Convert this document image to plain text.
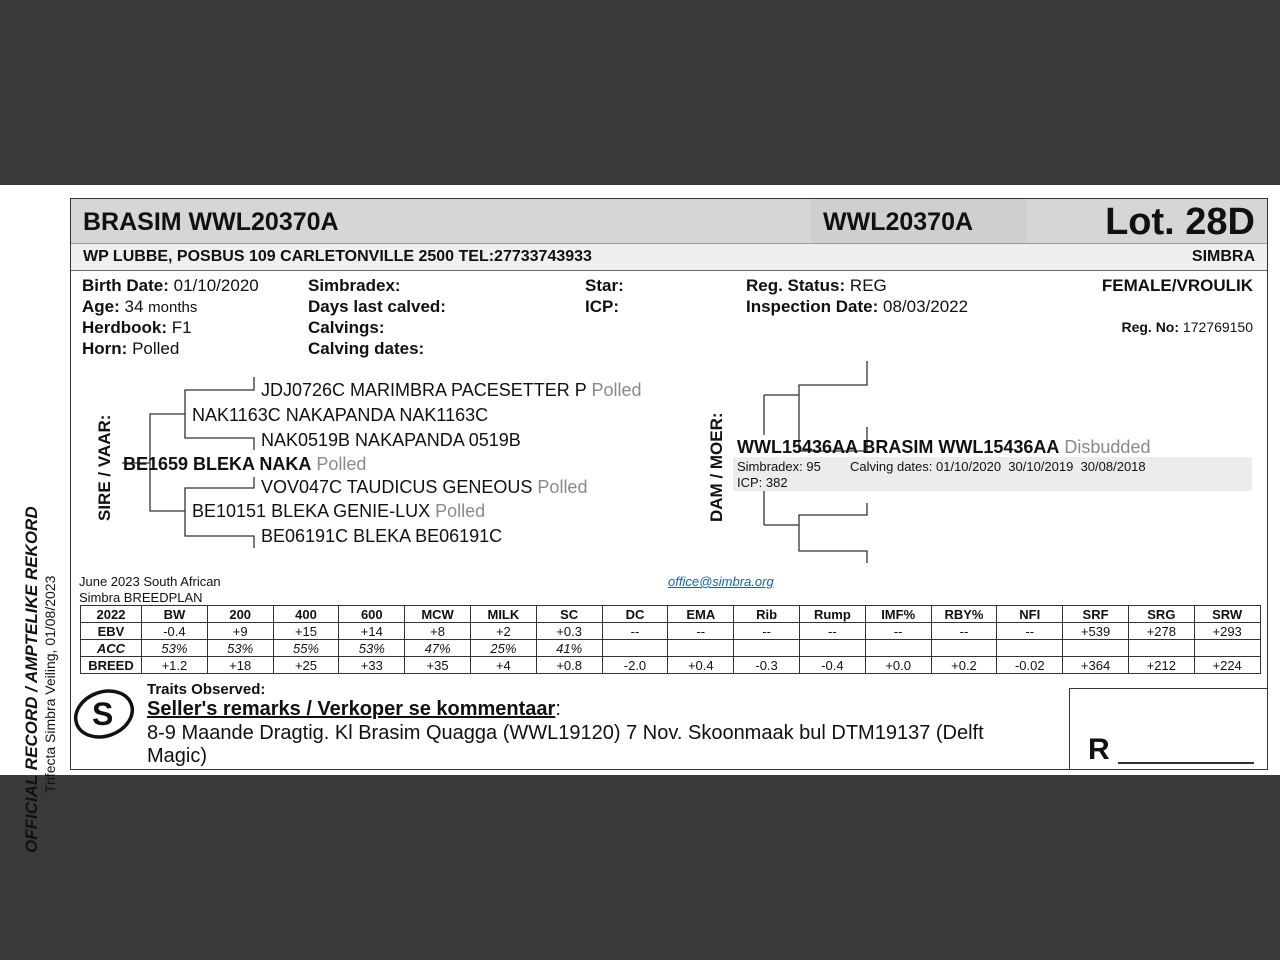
OFFICIAL RECORD / AMPTELIKE REKORD Trifecta Simbra Veiling, 01/08/2023
BRASIM WWL20370A	WWL20370A	Lot. 28D
WP LUBBE, POSBUS 109 CARLETONVILLE 2500 TEL:27733743933	SIMBRA
Birth Date: 01/10/2020
Age: 34 months
Herdbook: F1
Horn: Polled
Simbradex:
Days last calved:
Calvings:
Calving dates:
Star:
ICP:
Reg. Status: REG
Inspection Date: 08/03/2022
FEMALE/VROULIK
Reg. No: 172769150
SIRE / VAAR:
JDJ0726C MARIMBRA PACESETTER P Polled
NAK1163C NAKAPANDA NAK1163C
NAK0519B NAKAPANDA 0519B
BE1659 BLEKA NAKA Polled
VOV047C TAUDICUS GENEOUS Polled
BE10151 BLEKA GENIE-LUX Polled
BE06191C BLEKA BE06191C
DAM / MOER: WWL15436AA BRASIM WWL15436AA Disbudded
Simbradex: 95 Calving dates: 01/10/2020  30/10/2019  30/08/2018
ICP: 382
June 2023 South African
Simbra BREEDPLAN
office@simbra.org
2022	BW	200	400	600	MCW	MILK	SC	DC	EMA	Rib	Rump	IMF%	RBY%	NFI	SRF	SRG	SRW
EBV	-0.4	+9	+15	+14	+8	+2	+0.3	--	--	--	--	--	--	--	+539	+278	+293
ACC	53%	53%	55%	53%	47%	25%	41%										
BREED	+1.2	+18	+25	+33	+35	+4	+0.8	-2.0	+0.4	-0.3	-0.4	+0.0	+0.2	-0.02	+364	+212	+224
S
Traits Observed:
Seller's remarks / Verkoper se kommentaar:
8-9 Maande Dragtig. Kl Brasim Quagga (WWL19120) 7 Nov. Skoonmaak bul DTM19137 (Delft
Magic)	R
